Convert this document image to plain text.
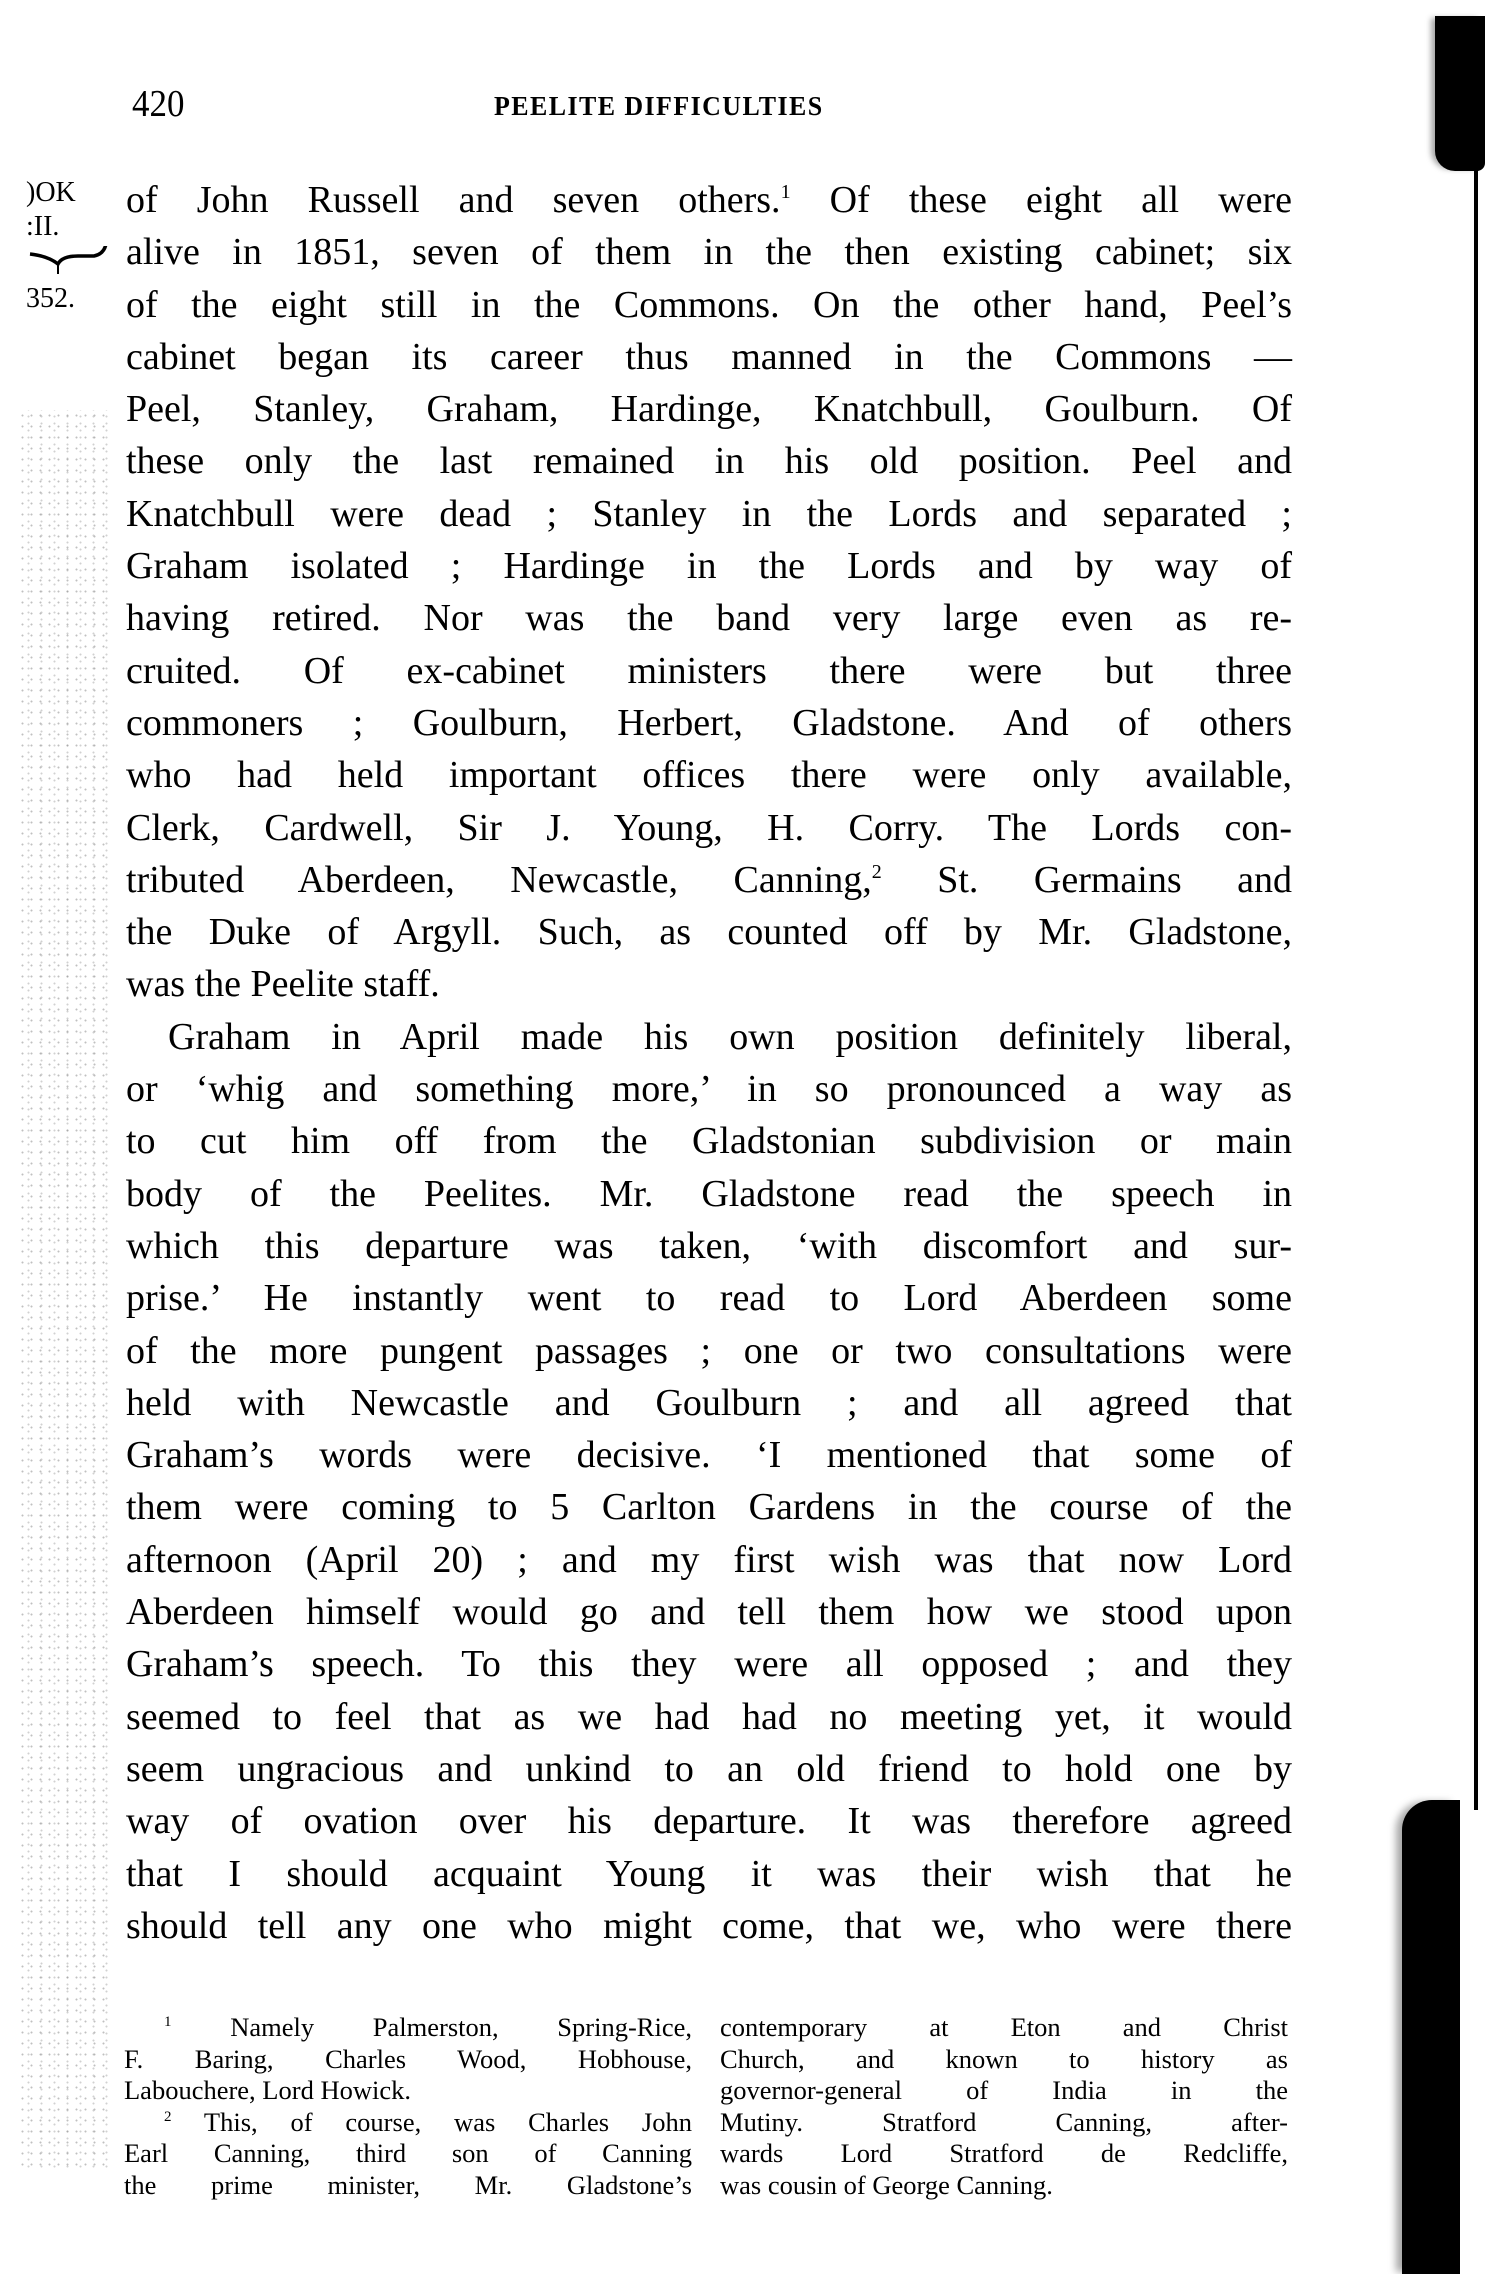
420	PEELITE DIFFICULTIES
)OK
:II.
352.
of John Russell and seven others.$^1$ Of these eight all were
alive in 1851, seven of them in the then existing cabinet; six
of the eight still in the Commons. On the other hand, Peel’s
cabinet began its career thus manned in the Commons —
Peel, Stanley, Graham, Hardinge, Knatchbull, Goulburn. Of
these only the last remained in his old position. Peel and
Knatchbull were dead ; Stanley in the Lords and separated ;
Graham isolated ; Hardinge in the Lords and by way of
having retired. Nor was the band very large even as re-
cruited. Of ex-cabinet ministers there were but three
commoners ; Goulburn, Herbert, Gladstone. And of others
who had held important offices there were only available,
Clerk, Cardwell, Sir J. Young, H. Corry. The Lords con-
tributed Aberdeen, Newcastle, Canning,$^2$ St. Germains and
the Duke of Argyll. Such, as counted off by Mr. Gladstone,
was the Peelite staff.
Graham in April made his own position definitely liberal,
or ‘whig and something more,’ in so pronounced a way as
to cut him off from the Gladstonian subdivision or main
body of the Peelites. Mr. Gladstone read the speech in
which this departure was taken, ‘with discomfort and sur-
prise.’ He instantly went to read to Lord Aberdeen some
of the more pungent passages ; one or two consultations were
held with Newcastle and Goulburn ; and all agreed that
Graham’s words were decisive. ‘I mentioned that some of
them were coming to 5 Carlton Gardens in the course of the
afternoon (April 20) ; and my first wish was that now Lord
Aberdeen himself would go and tell them how we stood upon
Graham’s speech. To this they were all opposed ; and they
seemed to feel that as we had had no meeting yet, it would
seem ungracious and unkind to an old friend to hold one by
way of ovation over his departure. It was therefore agreed
that I should acquaint Young it was their wish that he
should tell any one who might come, that we, who were there
$^1$ Namely Palmerston, Spring-Rice,
F. Baring, Charles Wood, Hobhouse,
Labouchere, Lord Howick.
$^2$ This, of course, was Charles John
Earl Canning, third son of Canning
the prime minister, Mr. Gladstone’s
contemporary at Eton and Christ
Church, and known to history as
governor-general of India in the
Mutiny. Stratford Canning, after-
wards Lord Stratford de Redcliffe,
was cousin of George Canning.
